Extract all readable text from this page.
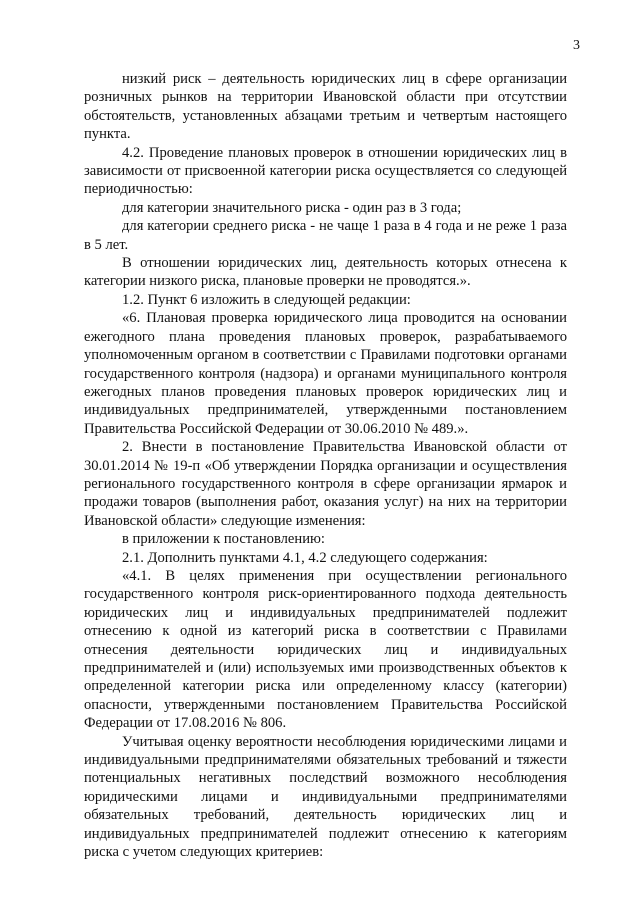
3

низкий риск – деятельность юридических лиц в сфере организации розничных рынков на территории Ивановской области при отсутствии обстоятельств, установленных абзацами третьим и четвертым настоящего пункта.

4.2. Проведение плановых проверок в отношении юридических лиц в зависимости от присвоенной категории риска осуществляется со следующей периодичностью:

для категории значительного риска - один раз в 3 года;

для категории среднего риска - не чаще 1 раза в 4 года и не реже 1 раза в 5 лет.

В отношении юридических лиц, деятельность которых отнесена к категории низкого риска, плановые проверки не проводятся.».

1.2. Пункт 6 изложить в следующей редакции:

«6. Плановая проверка юридического лица проводится на основании ежегодного плана проведения плановых проверок, разрабатываемого уполномоченным органом в соответствии с Правилами подготовки органами государственного контроля (надзора) и органами муниципального контроля ежегодных планов проведения плановых проверок юридических лиц и индивидуальных предпринимателей, утвержденными постановлением Правительства Российской Федерации от 30.06.2010 № 489.».

2. Внести в постановление Правительства Ивановской области от 30.01.2014 № 19-п «Об утверждении Порядка организации и осуществления регионального государственного контроля в сфере организации ярмарок и продажи товаров (выполнения работ, оказания услуг) на них на территории Ивановской области» следующие изменения:

в приложении к постановлению:

2.1. Дополнить пунктами 4.1, 4.2 следующего содержания:

«4.1. В целях применения при осуществлении регионального государственного контроля риск-ориентированного подхода деятельность юридических лиц и индивидуальных предпринимателей подлежит отнесению к одной из категорий риска в соответствии с Правилами отнесения деятельности юридических лиц и индивидуальных предпринимателей и (или) используемых ими производственных объектов к определенной категории риска или определенному классу (категории) опасности, утвержденными постановлением Правительства Российской Федерации от 17.08.2016 № 806.

Учитывая оценку вероятности несоблюдения юридическими лицами и индивидуальными предпринимателями обязательных требований и тяжести потенциальных негативных последствий возможного несоблюдения юридическими лицами и индивидуальными предпринимателями обязательных требований, деятельность юридических лиц и индивидуальных предпринимателей подлежит отнесению к категориям риска с учетом следующих критериев:
